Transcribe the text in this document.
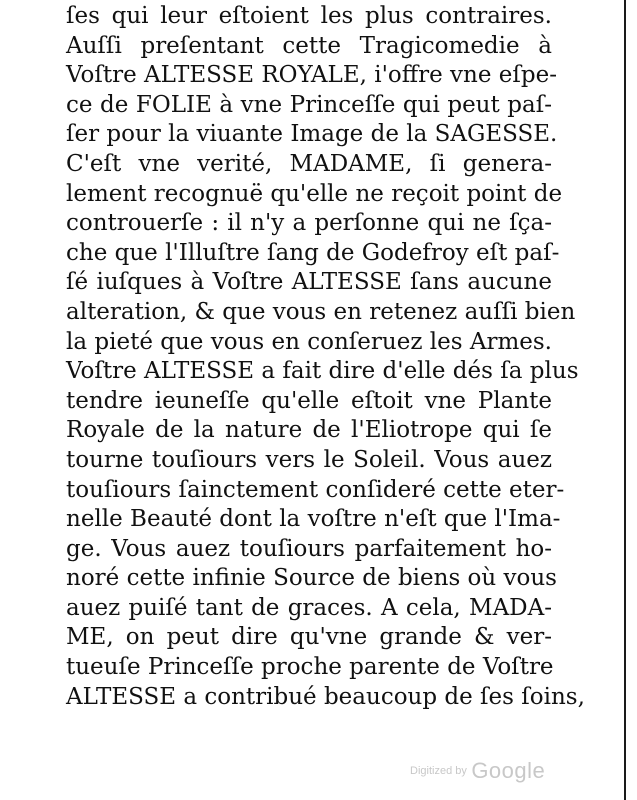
ſes qui leur eſtoient les plus contraires.
Auſſi preſentant cette Tragicomedie à
Voſtre ALTESSE ROYALE, i'offre vne eſpe-
ce de FOLIE à vne Princeſſe qui peut paſ-
ſer pour la viuante Image de la SAGESSE.
C'eſt vne verité, MADAME, ſi generа-
lement recognuë qu'elle ne reçoit point de
controuerſe : il n'y a perſonne qui ne ſça-
che que l'Illuſtre ſang de Godefroy eſt paſ-
ſé iuſques à Voſtre ALTESSE ſans aucune
alteration, & que vous en retenez auſſi bien
la pieté que vous en conſeruez les Armes.
Voſtre ALTESSE a fait dire d'elle dés ſa plus
tendre ieuneſſe qu'elle eſtoit vne Plante
Royale de la nature de l'Eliotrope qui ſe
tourne touſiours vers le Soleil. Vous auez
touſiours ſainctement conſideré cette eter-
nelle Beauté dont la voſtre n'eſt que l'Ima-
ge. Vous auez touſiours parfaitement ho-
noré cette infinie Source de biens où vous
auez puiſé tant de graces. A cela, MADA-
ME, on peut dire qu'vne grande & ver-
tueuſe Princeſſe proche parente de Voſtre
ALTESSE a contribué beaucoup de ſes ſoins,
Digitized by Google
